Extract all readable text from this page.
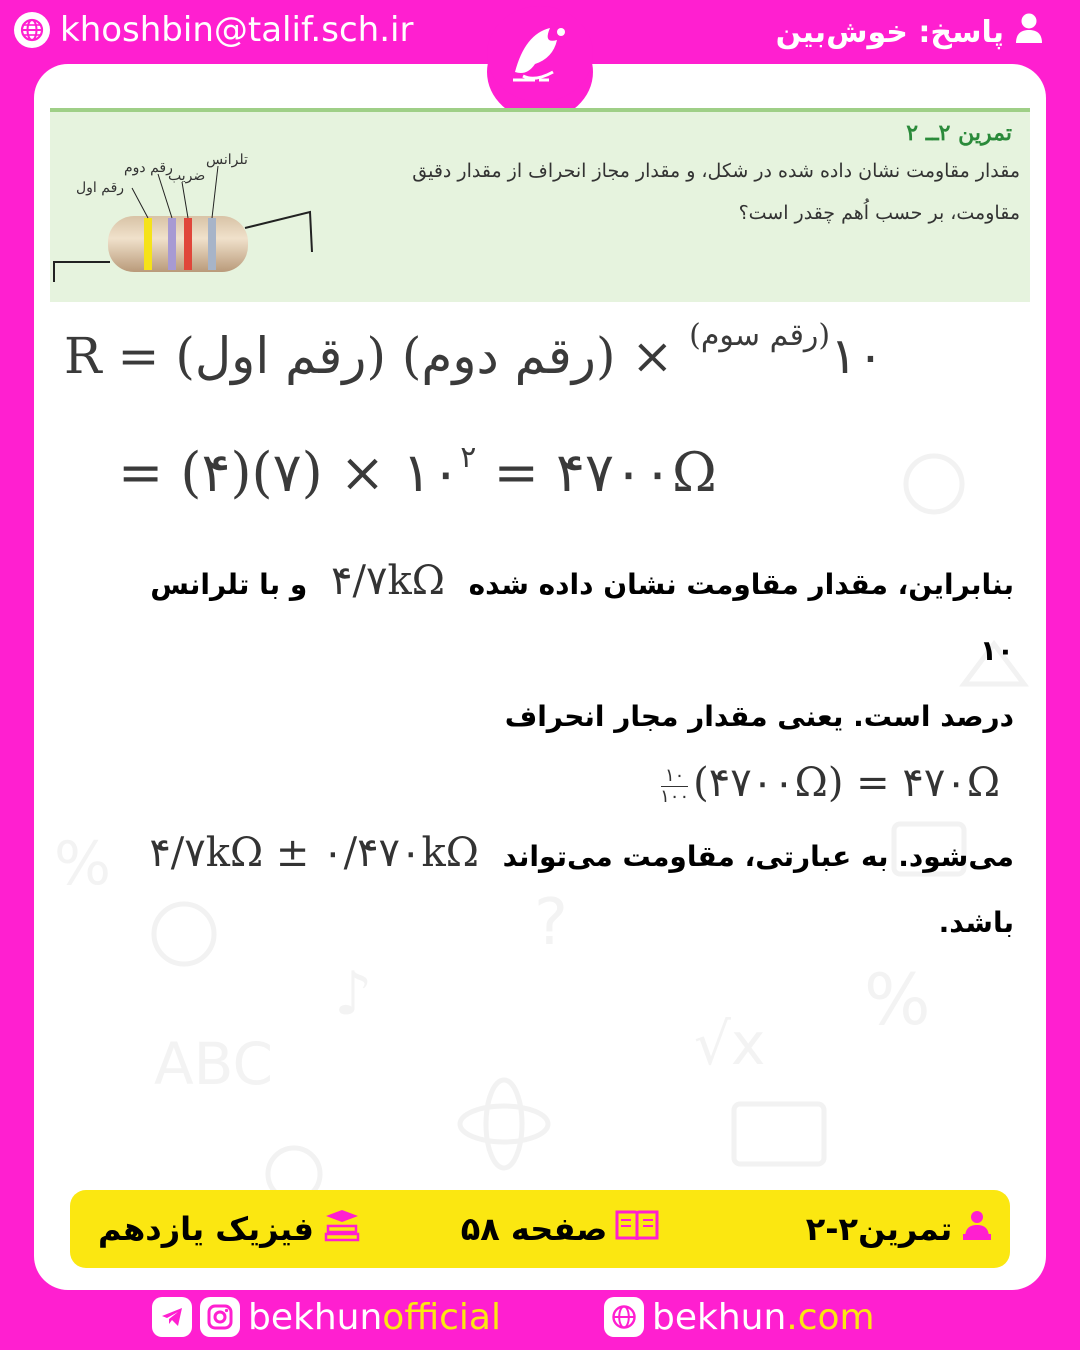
khoshbin@talif.sch.ir	پاسخ: خوش‌بین
%
?
ABC	√x
♪
%
تمرین ۲ــ ۲
مقدار مقاومت نشان داده شده در شکل، و مقدار مجاز انحراف از مقدار دقیق مقاومت، بر حسب اُهم چقدر است؟
رقم اول
رقم دوم
ضریب
تلرانس
R = (رقم اول) (رقم دوم) × $۱۰^{(رقم سوم)}$
= (۴)(۷) × $۱۰^۲$ = ۴۷۰۰Ω
بنابراین، مقدار مقاومت نشان داده شده ۴/۷kΩ و با تلرانس ۱۰
درصد است. یعنی مقدار مجار انحراف
$\frac{۱۰}{۱۰۰}$ (۴۷۰۰Ω) = ۴۷۰Ω
می‌شود. به عبارتی، مقاومت می‌تواند ۴/۷kΩ ± ۰/۴۷۰kΩ
باشد.
تمرین۲-۲
صفحه ۵۸
فیزیک یازدهم
bekhunofficial	bekhun.com
